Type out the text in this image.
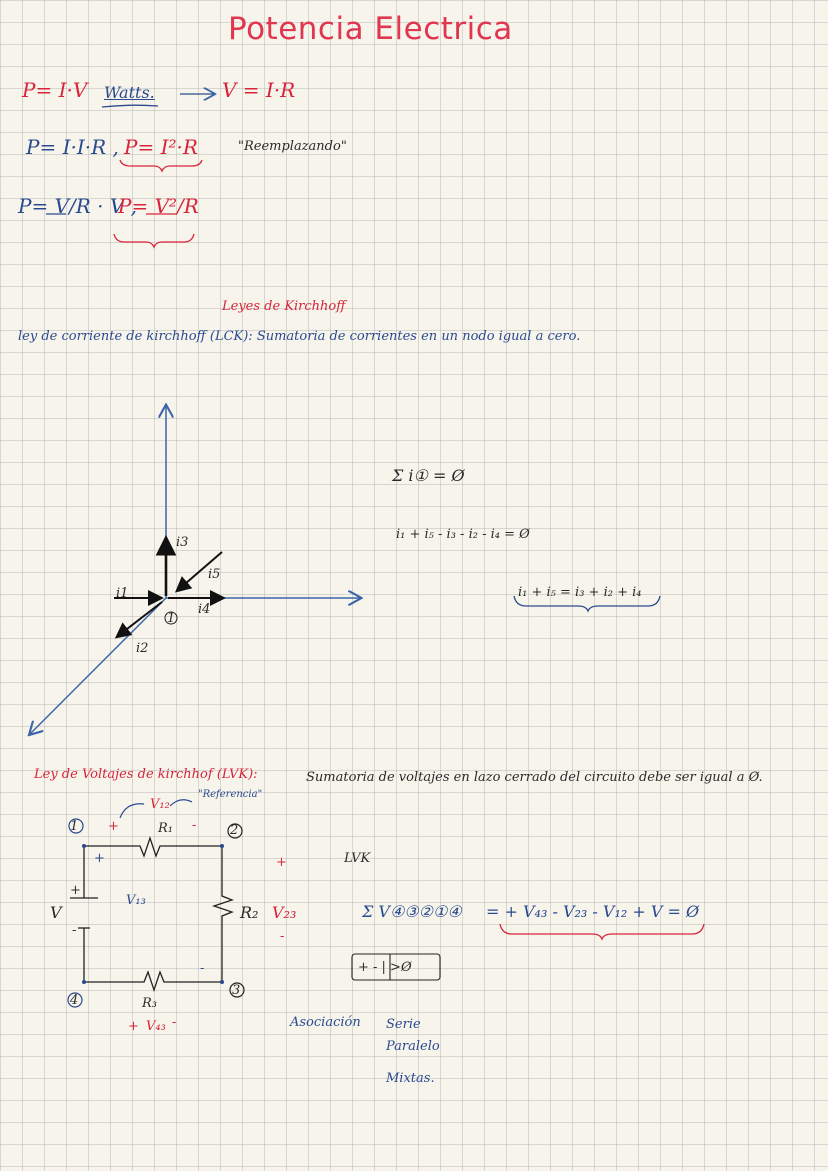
Potencia Electrica
P= I·V Watts.	V = I·R
P= I·I·R , P= I²·R	"Reemplazando"
P= V/R · V ,
P= V²/R
Leyes de Kirchhoff
ley de corriente de kirchhoff (LCK): Sumatoria de corrientes en un nodo igual a cero.
Σ i① = Ø
i₁ + i₅ - i₃ - i₂ - i₄ = Ø
i₁ + i₅ = i₃ + i₂ + i₄
i3
i5
i1
i4
i2
1
Ley de Voltajes de kirchhof (LVK):	Sumatoria de voltajes en lazo cerrado del circuito debe ser igual a Ø.
V₁₂
"Referencia"
R₁
R₂
R₃
V₂₃
V₁₃
V
V₄₃
1	2
3
4
+	-
+
+
-
+
-
-
+	-
LVK
Σ V④③②①④ = + V₄₃ - V₂₃ - V₁₂ + V = Ø
+ - | >Ø
Asociación Serie
Paralelo
Mixtas.
